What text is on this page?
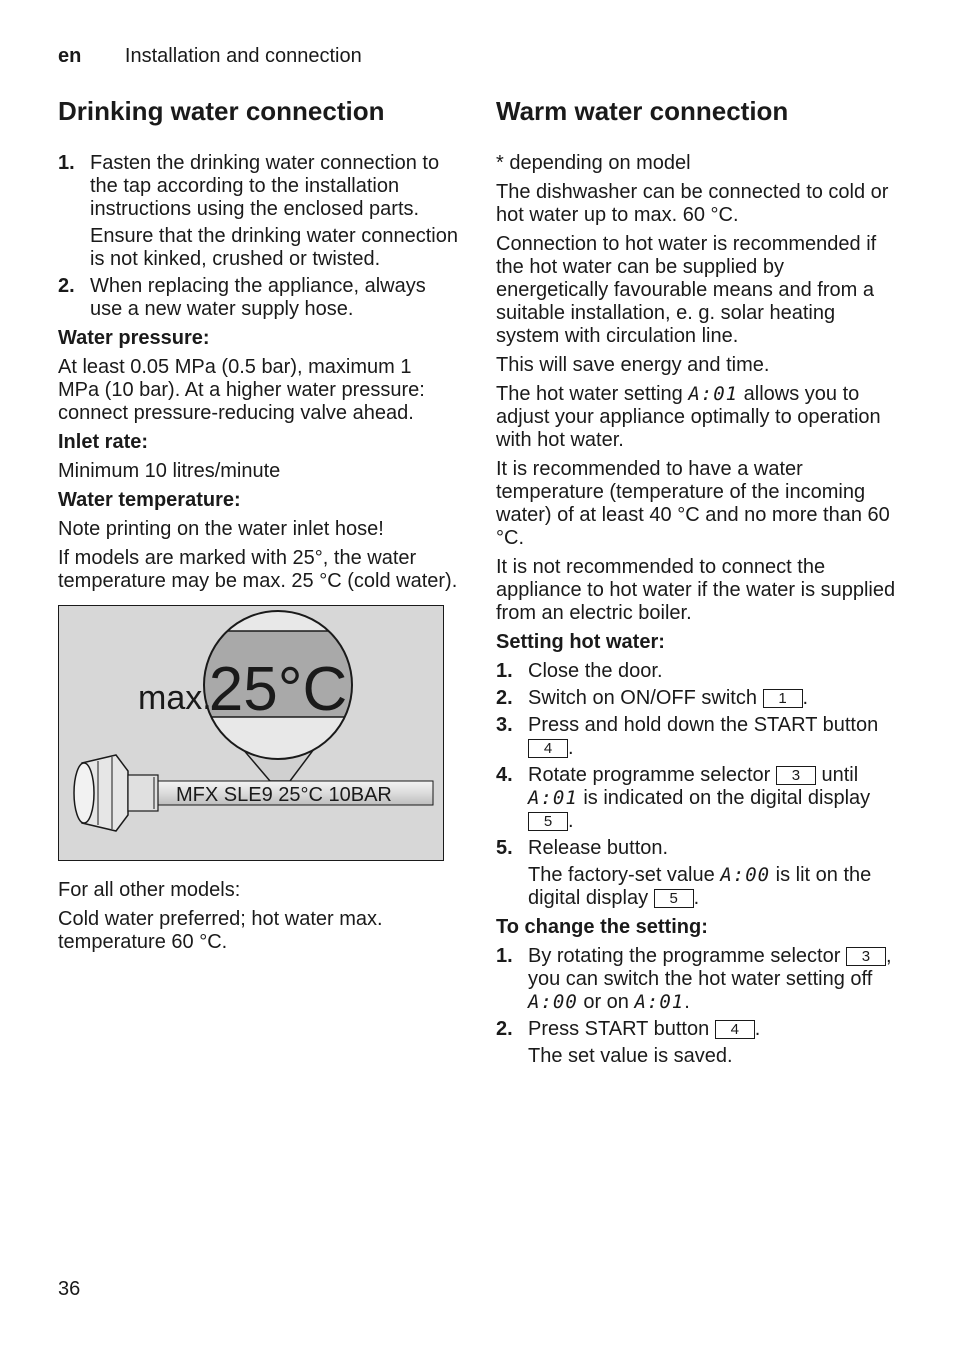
en Installation and connection
Drinking water connection
1. Fasten the drinking water connection to the tap according to the installation instructions using the enclosed parts.

Ensure that the drinking water connection is not kinked, crushed or twisted.

2. When replacing the appliance, always use a new water supply hose.

Water pressure:

At least 0.05 MPa (0.5 bar), maximum 1 MPa (10 bar). At a higher water pressure: connect pressure-reducing valve ahead.

Inlet rate:

Minimum 10 litres/minute

Water temperature:

Note printing on the water inlet hose!

If models are marked with 25°, the water temperature may be max. 25 °C (cold water).

max.
25°C
MFX SLE9 25°C 10BAR

For all other models:

Cold water preferred; hot water max. temperature 60 °C.

Warm water connection

* depending on model

The dishwasher can be connected to cold or hot water up to max. 60 °C.

Connection to hot water is recommended if the hot water can be supplied by energetically favourable means and from a suitable installation, e. g. solar heating system with circulation line.

This will save energy and time.

The hot water setting A:01 allows you to adjust your appliance optimally to operation with hot water.

It is recommended to have a water temperature (temperature of the incoming water) of at least 40 °C and no more than 60 °C.

It is not recommended to connect the appliance to hot water if the water is supplied from an electric boiler.

Setting hot water:

1. Close the door.
2. Switch on ON/OFF switch 1 .
3. Press and hold down the START button 4 .
4. Rotate programme selector 3 until A:01 is indicated on the digital display 5 .
5. Release button.

The factory-set value A:00 is lit on the digital display 5 .

To change the setting:

1. By rotating the programme selector 3 , you can switch the hot water setting off A:00 or on A:01.
2. Press START button 4 .

The set value is saved.

36
